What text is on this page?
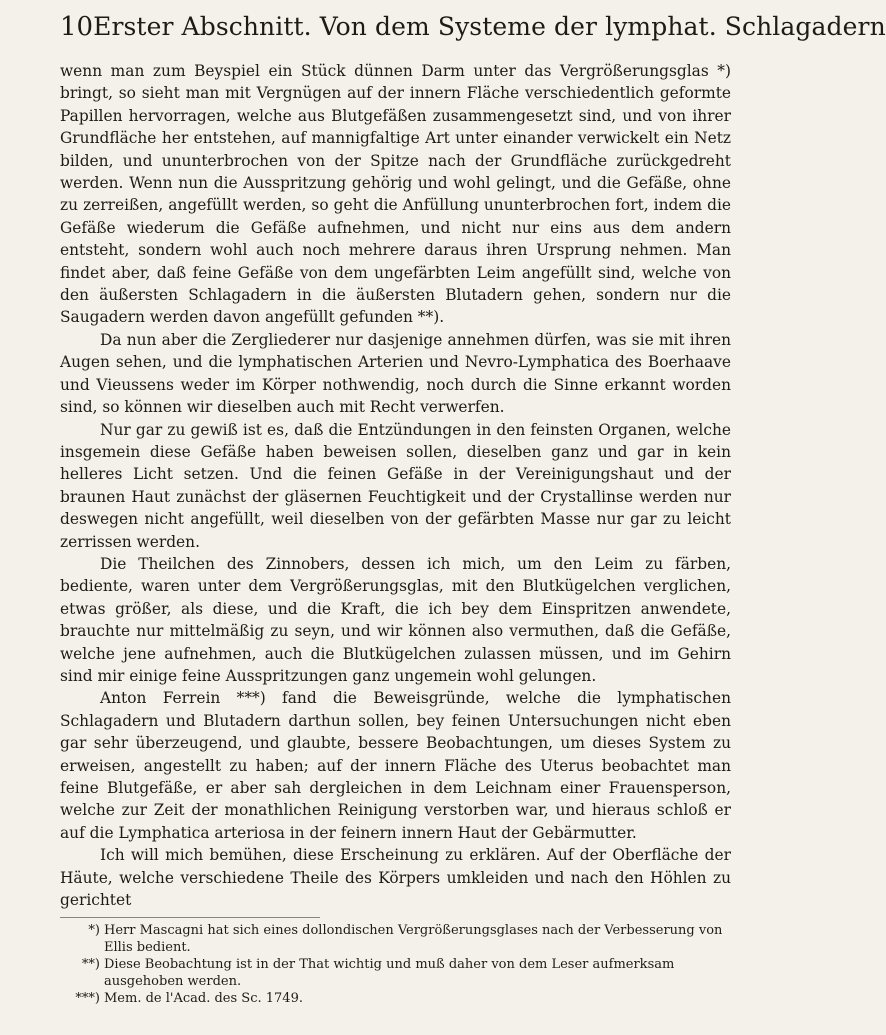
10 Erster Abschnitt. Von dem Systeme der lymphat. Schlagadern

wenn man zum Beyspiel ein Stück dünnen Darm unter das Vergrößerungsglas *) bringt, so sieht man mit Vergnügen auf der innern Fläche verschiedentlich geformte Papillen hervorragen, welche aus Blutgefäßen zusammengesetzt sind, und von ihrer Grundfläche her entstehen, auf mannigfaltige Art unter einander verwickelt ein Netz bilden, und ununterbrochen von der Spitze nach der Grundfläche zurückgedreht werden. Wenn nun die Ausspritzung gehörig und wohl gelingt, und die Gefäße, ohne zu zerreißen, angefüllt werden, so geht die Anfüllung ununterbrochen fort, indem die Gefäße wiederum die Gefäße aufnehmen, und nicht nur eins aus dem andern entsteht, sondern wohl auch noch mehrere daraus ihren Ursprung nehmen. Man findet aber, daß feine Gefäße von dem ungefärbten Leim angefüllt sind, welche von den äußersten Schlagadern in die äußersten Blutadern gehen, sondern nur die Saugadern werden davon angefüllt gefunden **).

Da nun aber die Zergliederer nur dasjenige annehmen dürfen, was sie mit ihren Augen sehen, und die lymphatischen Arterien und Nevro-Lymphatica des Boerhaave und Vieussens weder im Körper nothwendig, noch durch die Sinne erkannt worden sind, so können wir dieselben auch mit Recht verwerfen.

Nur gar zu gewiß ist es, daß die Entzündungen in den feinsten Organen, welche insgemein diese Gefäße haben beweisen sollen, dieselben ganz und gar in kein helleres Licht setzen. Und die feinen Gefäße in der Vereinigungshaut und der braunen Haut zunächst der gläsernen Feuchtigkeit und der Crystallinse werden nur deswegen nicht angefüllt, weil dieselben von der gefärbten Masse nur gar zu leicht zerrissen werden.

Die Theilchen des Zinnobers, dessen ich mich, um den Leim zu färben, bediente, waren unter dem Vergrößerungsglas, mit den Blutkügelchen verglichen, etwas größer, als diese, und die Kraft, die ich bey dem Einspritzen anwendete, brauchte nur mittelmäßig zu seyn, und wir können also vermuthen, daß die Gefäße, welche jene aufnehmen, auch die Blutkügelchen zulassen müssen, und im Gehirn sind mir einige feine Ausspritzungen ganz ungemein wohl gelungen.

Anton Ferrein ***) fand die Beweisgründe, welche die lymphatischen Schlagadern und Blutadern darthun sollen, bey feinen Untersuchungen nicht eben gar sehr überzeugend, und glaubte, bessere Beobachtungen, um dieses System zu erweisen, angestellt zu haben; auf der innern Fläche des Uterus beobachtet man feine Blutgefäße, er aber sah dergleichen in dem Leichnam einer Frauensperson, welche zur Zeit der monathlichen Reinigung verstorben war, und hieraus schloß er auf die Lymphatica arteriosa in der feinern innern Haut der Gebärmutter.

Ich will mich bemühen, diese Erscheinung zu erklären. Auf der Oberfläche der Häute, welche verschiedene Theile des Körpers umkleiden und nach den Höhlen zu gerichtet

*) Herr Mascagni hat sich eines dollondischen Vergrößerungsglases nach der Verbesserung von Ellis bedient.
**) Diese Beobachtung ist in der That wichtig und muß daher von dem Leser aufmerksam ausgehoben werden.
***) Mem. de l'Acad. des Sc. 1749.
